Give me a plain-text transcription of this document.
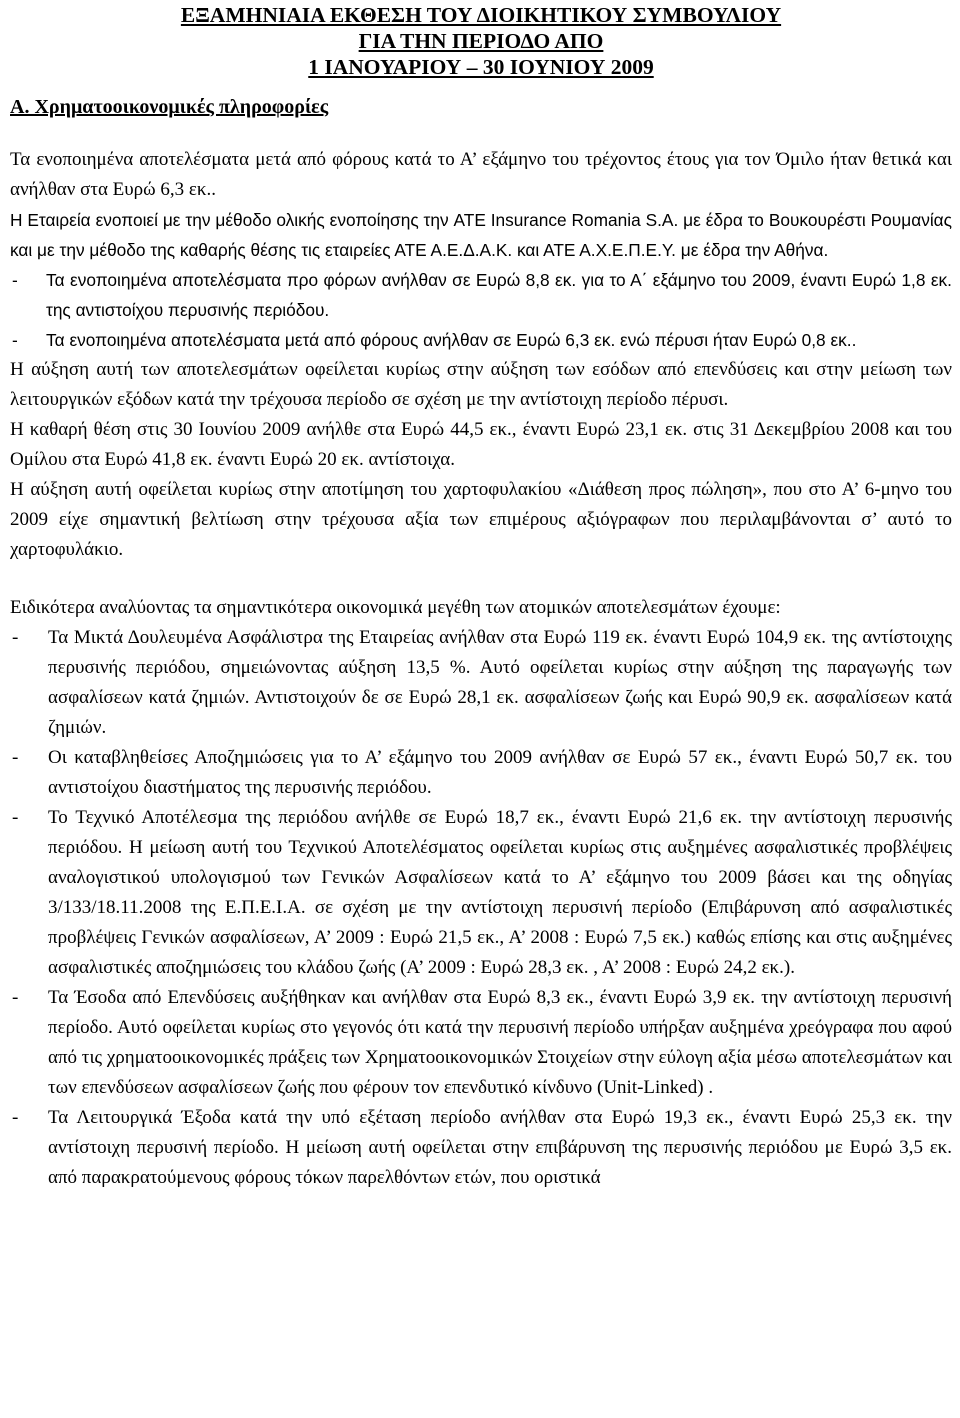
ΕΞΑΜΗΝΙΑΙΑ ΕΚΘΕΣΗ ΤΟΥ ΔΙΟΙΚΗΤΙΚΟΥ ΣΥΜΒΟΥΛΙΟΥ
ΓΙΑ ΤΗΝ ΠΕΡΙΟΔΟ ΑΠΟ
1 ΙΑΝΟΥΑΡΙΟΥ – 30 ΙΟΥΝΙΟΥ 2009
Α. Χρηματοοικονομικές πληροφορίες

Τα ενοποιημένα αποτελέσματα μετά από φόρους κατά το Α’ εξάμηνο του τρέχοντος έτους για τον Όμιλο ήταν θετικά και ανήλθαν στα Ευρώ 6,3 εκ..

Η Εταιρεία ενοποιεί με την μέθοδο ολικής ενοποίησης την ATE Insurance Romania S.A. με έδρα το Βουκουρέστι Ρουμανίας και με την μέθοδο της καθαρής θέσης τις εταιρείες ΑΤΕ Α.Ε.Δ.Α.Κ. και ΑΤΕ Α.Χ.Ε.Π.Ε.Υ. με έδρα την Αθήνα.

- Τα ενοποιημένα αποτελέσματα προ φόρων ανήλθαν σε Ευρώ 8,8 εκ. για το Α΄ εξάμηνο του 2009, έναντι Ευρώ 1,8 εκ. της αντιστοίχου περυσινής περιόδου.
- Τα ενοποιημένα αποτελέσματα μετά από φόρους ανήλθαν σε Ευρώ 6,3 εκ. ενώ πέρυσι ήταν Ευρώ 0,8 εκ..

Η αύξηση αυτή των αποτελεσμάτων οφείλεται κυρίως στην αύξηση των εσόδων από επενδύσεις και στην μείωση των λειτουργικών εξόδων κατά την τρέχουσα περίοδο σε σχέση με την αντίστοιχη περίοδο πέρυσι.

Η καθαρή θέση στις 30 Ιουνίου 2009 ανήλθε στα Ευρώ 44,5 εκ., έναντι Ευρώ 23,1 εκ. στις 31 Δεκεμβρίου 2008 και του Ομίλου στα Ευρώ 41,8 εκ. έναντι Ευρώ 20 εκ. αντίστοιχα.

Η αύξηση αυτή οφείλεται κυρίως στην αποτίμηση του χαρτοφυλακίου «Διάθεση προς πώληση», που στο Α’ 6-μηνο του 2009 είχε σημαντική βελτίωση στην τρέχουσα αξία των επιμέρους αξιόγραφων που περιλαμβάνονται σ’ αυτό το χαρτοφυλάκιο.

Ειδικότερα αναλύοντας τα σημαντικότερα οικονομικά μεγέθη των ατομικών αποτελεσμάτων έχουμε:

- Τα Μικτά Δουλευμένα Ασφάλιστρα της Εταιρείας ανήλθαν στα Ευρώ 119 εκ. έναντι Ευρώ 104,9 εκ. της αντίστοιχης περυσινής περιόδου, σημειώνοντας αύξηση 13,5 %. Αυτό οφείλεται κυρίως στην αύξηση της παραγωγής των ασφαλίσεων κατά ζημιών. Αντιστοιχούν δε σε Ευρώ 28,1 εκ. ασφαλίσεων ζωής και Ευρώ 90,9 εκ. ασφαλίσεων κατά ζημιών.
- Οι καταβληθείσες Αποζημιώσεις για το Α’ εξάμηνο του 2009 ανήλθαν σε Ευρώ 57 εκ., έναντι Ευρώ 50,7 εκ. του αντιστοίχου διαστήματος της περυσινής περιόδου.
- Το Τεχνικό Αποτέλεσμα της περιόδου ανήλθε σε Ευρώ 18,7 εκ., έναντι Ευρώ 21,6 εκ. την αντίστοιχη περυσινής περιόδου. Η μείωση αυτή του Τεχνικού Αποτελέσματος οφείλεται κυρίως στις αυξημένες ασφαλιστικές προβλέψεις αναλογιστικού υπολογισμού των Γενικών Ασφαλίσεων κατά το Α’ εξάμηνο του 2009 βάσει και της οδηγίας 3/133/18.11.2008 της Ε.Π.Ε.Ι.Α. σε σχέση με την αντίστοιχη περυσινή περίοδο (Επιβάρυνση από ασφαλιστικές προβλέψεις Γενικών ασφαλίσεων, Α’ 2009 : Ευρώ 21,5 εκ., Α’ 2008 : Ευρώ 7,5 εκ.) καθώς επίσης και στις αυξημένες ασφαλιστικές αποζημιώσεις του κλάδου ζωής (Α’ 2009 : Ευρώ 28,3 εκ. , Α’ 2008 : Ευρώ 24,2 εκ.).
- Τα Έσοδα από Επενδύσεις αυξήθηκαν και ανήλθαν στα Ευρώ 8,3 εκ., έναντι Ευρώ 3,9 εκ. την αντίστοιχη περυσινή περίοδο. Αυτό οφείλεται κυρίως στο γεγονός ότι κατά την περυσινή περίοδο υπήρξαν αυξημένα χρεόγραφα που αφού από τις χρηματοοικονομικές πράξεις των Χρηματοοικονομικών Στοιχείων στην εύλογη αξία μέσω αποτελεσμάτων και των επενδύσεων ασφαλίσεων ζωής που φέρουν τον επενδυτικό κίνδυνο (Unit-Linked) .
- Τα Λειτουργικά Έξοδα κατά την υπό εξέταση περίοδο ανήλθαν στα Ευρώ 19,3 εκ., έναντι Ευρώ 25,3 εκ. την αντίστοιχη περυσινή περίοδο. Η μείωση αυτή οφείλεται στην επιβάρυνση της περυσινής περιόδου με Ευρώ 3,5 εκ. από παρακρατούμενους φόρους τόκων παρελθόντων ετών, που οριστικά
